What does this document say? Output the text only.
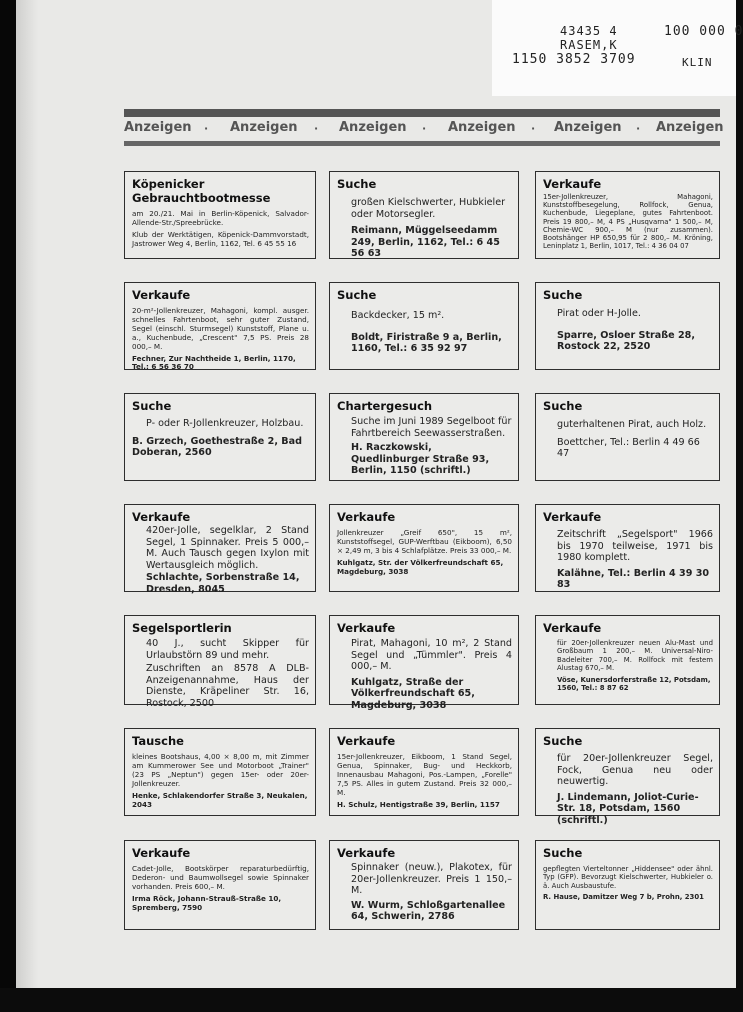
43435 4	100 000 0
RASEM,K
1150 3852 3709	KLIN
Anzeigen · Anzeigen · Anzeigen · Anzeigen · Anzeigen · Anzeigen
Köpenicker Gebrauchtbootmesse
am 20./21. Mai in Berlin-Köpenick, Salvador-Allende-Str./Spreebrücke.
Klub der Werktätigen, Köpenick-Dammvorstadt, Jastrower Weg 4, Berlin, 1162, Tel. 6 45 55 16
Suche
großen Kielschwerter, Hubkieler oder Motorsegler.
Reimann, Müggelseedamm 249, Berlin, 1162, Tel.: 6 45 56 63
Verkaufe
15er-Jollenkreuzer, Mahagoni, Kunststoffbesegelung, Rollfock, Genua, Kuchenbude, Liegeplane, gutes Fahrtenboot. Preis 19 800,– M, 4 PS „Husqvarna" 1 500,– M, Chemie-WC 900,– M (nur zusammen). Bootshänger HP 650,95 für 2 800,– M. Kröning, Leninplatz 1, Berlin, 1017, Tel.: 4 36 04 07
Verkaufe
20-m²-Jollenkreuzer, Mahagoni, kompl. ausger. schnelles Fahrtenboot, sehr guter Zustand, Segel (einschl. Sturmsegel) Kunststoff, Plane u. a., Kuchenbude, „Crescent" 7,5 PS. Preis 28 000,– M.
Fechner, Zur Nachtheide 1, Berlin, 1170, Tel.: 6 56 36 70
Suche
Backdecker, 15 m².
Boldt, Firistraße 9 a, Berlin, 1160, Tel.: 6 35 92 97
Suche
Pirat oder H-Jolle.
Sparre, Osloer Straße 28, Rostock 22, 2520
Suche
P- oder R-Jollenkreuzer, Holzbau.
B. Grzech, Goethestraße 2, Bad Doberan, 2560
Chartergesuch
Suche im Juni 1989 Segelboot für Fahrtbereich Seewasserstraßen.
H. Raczkowski, Quedlinburger Straße 93, Berlin, 1150 (schriftl.)
Suche
guterhaltenen Pirat, auch Holz.
Boettcher, Tel.: Berlin 4 49 66 47
Verkaufe
420er-Jolle, segelklar, 2 Stand Segel, 1 Spinnaker. Preis 5 000,– M. Auch Tausch gegen Ixylon mit Wertausgleich möglich.
Schlachte, Sorbenstraße 14, Dresden, 8045
Verkaufe
Jollenkreuzer „Greif 650", 15 m², Kunststoffsegel, GUP-Werftbau (Eikboom), 6,50 × 2,49 m, 3 bis 4 Schlafplätze. Preis 33 000,– M.
Kuhlgatz, Str. der Völkerfreundschaft 65, Magdeburg, 3038
Verkaufe
Zeitschrift „Segelsport" 1966 bis 1970 teilweise, 1971 bis 1980 komplett.
Kalähne, Tel.: Berlin 4 39 30 83
Segelsportlerin
40 J., sucht Skipper für Urlaubstörn 89 und mehr.
Zuschriften an 8578 A DLB-Anzeigenannahme, Haus der Dienste, Kräpeliner Str. 16, Rostock, 2500
Verkaufe
Pirat, Mahagoni, 10 m², 2 Stand Segel und „Tümmler". Preis 4 000,– M.
Kuhlgatz, Straße der Völkerfreundschaft 65, Magdeburg, 3038
Verkaufe
für 20er-Jollenkreuzer neuen Alu-Mast und Großbaum 1 200,– M. Universal-Niro-Badeleiter 700,– M. Rollfock mit festem Alustag 670,– M.
Vöse, Kunersdorferstraße 12, Potsdam, 1560, Tel.: 8 87 62
Tausche
kleines Bootshaus, 4,00 × 8,00 m, mit Zimmer am Kummerower See und Motorboot „Trainer" (23 PS „Neptun") gegen 15er- oder 20er-Jollenkreuzer.
Henke, Schlakendorfer Straße 3, Neukalen, 2043
Verkaufe
15er-Jollenkreuzer, Eikboom, 1 Stand Segel, Genua, Spinnaker, Bug- und Heckkorb, Innenausbau Mahagoni, Pos.-Lampen, „Forelle" 7,5 PS. Alles in gutem Zustand. Preis 32 000,– M.
H. Schulz, Hentigstraße 39, Berlin, 1157
Suche
für 20er-Jollenkreuzer Segel, Fock, Genua neu oder neuwertig.
J. Lindemann, Joliot-Curie-Str. 18, Potsdam, 1560 (schriftl.)
Verkaufe
Cadet-Jolle, Bootskörper reparaturbedürftig, Dederon- und Baumwollsegel sowie Spinnaker vorhanden. Preis 600,– M.
Irma Röck, Johann-Strauß-Straße 10, Spremberg, 7590
Verkaufe
Spinnaker (neuw.), Plakotex, für 20er-Jollenkreuzer. Preis 1 150,– M.
W. Wurm, Schloßgartenallee 64, Schwerin, 2786
Suche
gepflegten Vierteltonner „Hiddensee" oder ähnl. Typ (GFP). Bevorzugt Kielschwerter, Hubkieler o. ä. Auch Ausbaustufe.
R. Hause, Damitzer Weg 7 b, Prohn, 2301
